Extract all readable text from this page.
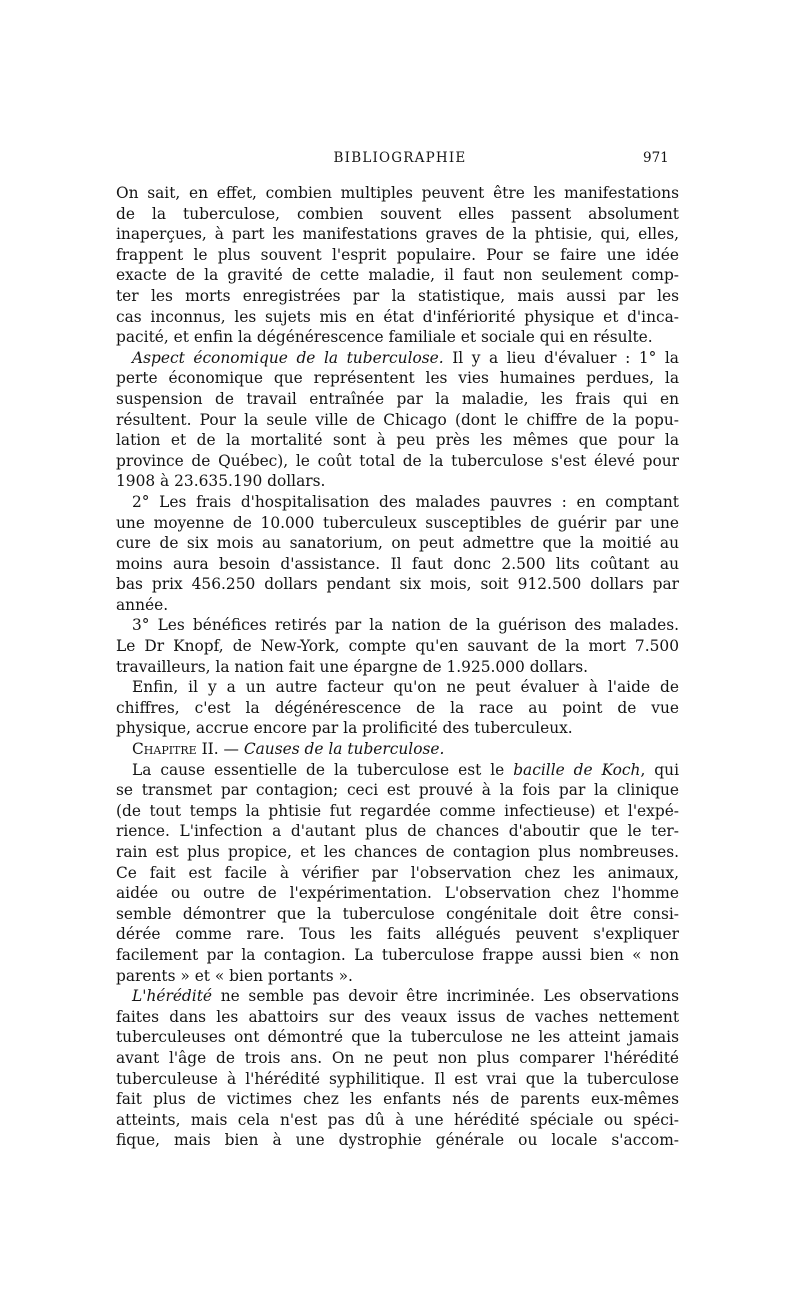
BIBLIOGRAPHIE	971
On sait, en effet, combien multiples peuvent être les manifestations
de la tuberculose, combien souvent elles passent absolument
inaperçues, à part les manifestations graves de la phtisie, qui, elles,
frappent le plus souvent l'esprit populaire. Pour se faire une idée
exacte de la gravité de cette maladie, il faut non seulement comp-
ter les morts enregistrées par la statistique, mais aussi par les
cas inconnus, les sujets mis en état d'infériorité physique et d'inca-
pacité, et enfin la dégénérescence familiale et sociale qui en résulte.
Aspect économique de la tuberculose. Il y a lieu d'évaluer : 1° la
perte économique que représentent les vies humaines perdues, la
suspension de travail entraînée par la maladie, les frais qui en
résultent. Pour la seule ville de Chicago (dont le chiffre de la popu-
lation et de la mortalité sont à peu près les mêmes que pour la
province de Québec), le coût total de la tuberculose s'est élevé pour
1908 à 23.635.190 dollars.
2° Les frais d'hospitalisation des malades pauvres : en comptant
une moyenne de 10.000 tuberculeux susceptibles de guérir par une
cure de six mois au sanatorium, on peut admettre que la moitié au
moins aura besoin d'assistance. Il faut donc 2.500 lits coûtant au
bas prix 456.250 dollars pendant six mois, soit 912.500 dollars par
année.
3° Les bénéfices retirés par la nation de la guérison des malades.
Le Dr Knopf, de New-York, compte qu'en sauvant de la mort 7.500
travailleurs, la nation fait une épargne de 1.925.000 dollars.
Enfin, il y a un autre facteur qu'on ne peut évaluer à l'aide de
chiffres, c'est la dégénérescence de la race au point de vue
physique, accrue encore par la prolificité des tuberculeux.
Chapitre II. — Causes de la tuberculose.
La cause essentielle de la tuberculose est le bacille de Koch, qui
se transmet par contagion; ceci est prouvé à la fois par la clinique
(de tout temps la phtisie fut regardée comme infectieuse) et l'expé-
rience. L'infection a d'autant plus de chances d'aboutir que le ter-
rain est plus propice, et les chances de contagion plus nombreuses.
Ce fait est facile à vérifier par l'observation chez les animaux,
aidée ou outre de l'expérimentation. L'observation chez l'homme
semble démontrer que la tuberculose congénitale doit être consi-
dérée comme rare. Tous les faits allégués peuvent s'expliquer
facilement par la contagion. La tuberculose frappe aussi bien « non
parents » et « bien portants ».
L'hérédité ne semble pas devoir être incriminée. Les observations
faites dans les abattoirs sur des veaux issus de vaches nettement
tuberculeuses ont démontré que la tuberculose ne les atteint jamais
avant l'âge de trois ans. On ne peut non plus comparer l'hérédité
tuberculeuse à l'hérédité syphilitique. Il est vrai que la tuberculose
fait plus de victimes chez les enfants nés de parents eux-mêmes
atteints, mais cela n'est pas dû à une hérédité spéciale ou spéci-
fique, mais bien à une dystrophie générale ou locale s'accom-
